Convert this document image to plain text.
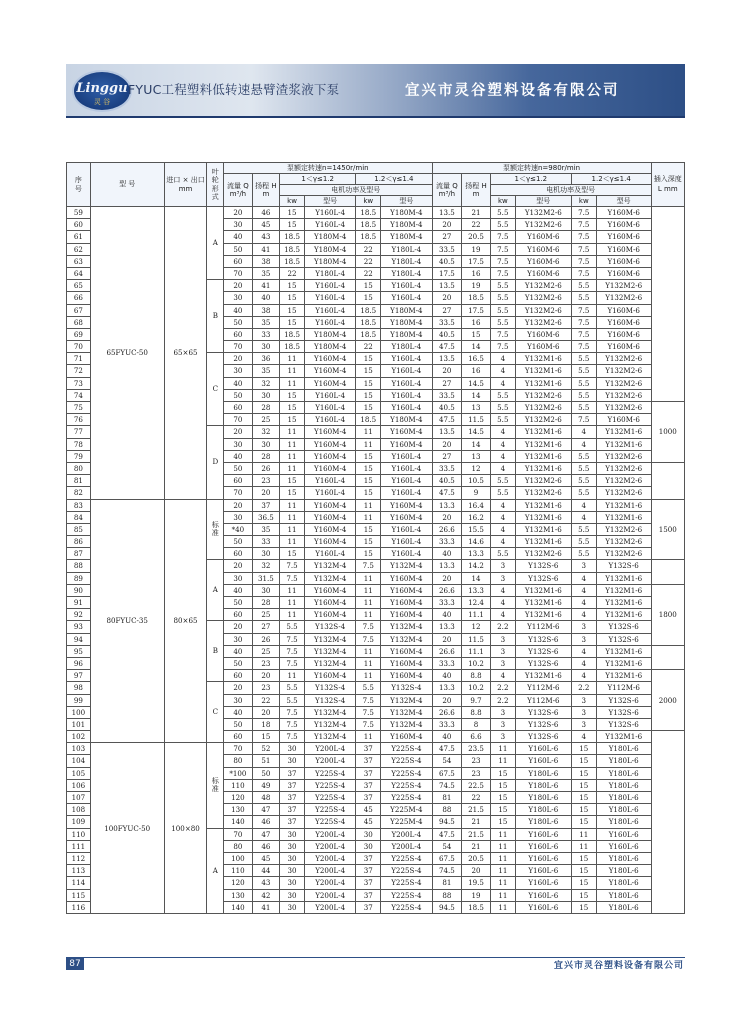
Linggu
灵 谷
FYUC工程塑料低转速悬臂渣浆液下泵	宜兴市灵谷塑料设备有限公司
序号	型 号	进口 × 出口 mm	叶轮形式	泵额定转速n=1450r/min						泵额定转速n=980r/min						插入深度 L mm
				流量 Q m³/h	扬程 H m	1＜γ≤1.2		1.2＜γ≤1.4		流量 Q m³/h	扬程 H m	1＜γ≤1.2		1.2＜γ≤1.4		
						电机功率及型号						电机功率及型号				
						kw	型号	kw	型号			kw	型号	kw	型号	
59	65FYUC-50	65×65	A	20	46	15	Y160L-4	18.5	Y180M-4	13.5	21	5.5	Y132M2-6	7.5	Y160M-6	
60				30	45	15	Y160L-4	18.5	Y180M-4	20	22	5.5	Y132M2-6	7.5	Y160M-6	
61				40	43	18.5	Y180M-4	18.5	Y180M-4	27	20.5	7.5	Y160M-6	7.5	Y160M-6	
62				50	41	18.5	Y180M-4	22	Y180L-4	33.5	19	7.5	Y160M-6	7.5	Y160M-6	
63				60	38	18.5	Y180M-4	22	Y180L-4	40.5	17.5	7.5	Y160M-6	7.5	Y160M-6	
64				70	35	22	Y180L-4	22	Y180L-4	17.5	16	7.5	Y160M-6	7.5	Y160M-6	
65			B	20	41	15	Y160L-4	15	Y160L-4	13.5	19	5.5	Y132M2-6	5.5	Y132M2-6	
66				30	40	15	Y160L-4	15	Y160L-4	20	18.5	5.5	Y132M2-6	5.5	Y132M2-6	
67				40	38	15	Y160L-4	18.5	Y180M-4	27	17.5	5.5	Y132M2-6	7.5	Y160M-6	
68				50	35	15	Y160L-4	18.5	Y180M-4	33.5	16	5.5	Y132M2-6	7.5	Y160M-6	
69				60	33	18.5	Y180M-4	18.5	Y180M-4	40.5	15	7.5	Y160M-6	7.5	Y160M-6	
70				70	30	18.5	Y180M-4	22	Y180L-4	47.5	14	7.5	Y160M-6	7.5	Y160M-6	
71			C	20	36	11	Y160M-4	15	Y160L-4	13.5	16.5	4	Y132M1-6	5.5	Y132M2-6	
72				30	35	11	Y160M-4	15	Y160L-4	20	16	4	Y132M1-6	5.5	Y132M2-6	
73				40	32	11	Y160M-4	15	Y160L-4	27	14.5	4	Y132M1-6	5.5	Y132M2-6	
74				50	30	15	Y160L-4	15	Y160L-4	33.5	14	5.5	Y132M2-6	5.5	Y132M2-6	
75				60	28	15	Y160L-4	15	Y160L-4	40.5	13	5.5	Y132M2-6	5.5	Y132M2-6	1000
76				70	25	15	Y160L-4	18.5	Y180M-4	47.5	11.5	5.5	Y132M2-6	7.5	Y160M-6	
77			D	20	32	11	Y160M-4	11	Y160M-4	13.5	14.5	4	Y132M1-6	4	Y132M1-6	
78				30	30	11	Y160M-4	11	Y160M-4	20	14	4	Y132M1-6	4	Y132M1-6	
79				40	28	11	Y160M-4	15	Y160L-4	27	13	4	Y132M1-6	5.5	Y132M2-6	
80				50	26	11	Y160M-4	15	Y160L-4	33.5	12	4	Y132M1-6	5.5	Y132M2-6	
81				60	23	15	Y160L-4	15	Y160L-4	40.5	10.5	5.5	Y132M2-6	5.5	Y132M2-6	
82				70	20	15	Y160L-4	15	Y160L-4	47.5	9	5.5	Y132M2-6	5.5	Y132M2-6	
83	80FYUC-35	80×65	标准	20	37	11	Y160M-4	11	Y160M-4	13.3	16.4	4	Y132M1-6	4	Y132M1-6	1500
84				30	36.5	11	Y160M-4	11	Y160M-4	20	16.2	4	Y132M1-6	4	Y132M1-6	
85				*40	35	11	Y160M-4	15	Y160L-4	26.6	15.5	4	Y132M1-6	5.5	Y132M2-6	
86				50	33	11	Y160M-4	15	Y160L-4	33.3	14.6	4	Y132M1-6	5.5	Y132M2-6	
87				60	30	15	Y160L-4	15	Y160L-4	40	13.3	5.5	Y132M2-6	5.5	Y132M2-6	
88			A	20	32	7.5	Y132M-4	7.5	Y132M-4	13.3	14.2	3	Y132S-6	3	Y132S-6	
89				30	31.5	7.5	Y132M-4	11	Y160M-4	20	14	3	Y132S-6	4	Y132M1-6	
90				40	30	11	Y160M-4	11	Y160M-4	26.6	13.3	4	Y132M1-6	4	Y132M1-6	1800
91				50	28	11	Y160M-4	11	Y160M-4	33.3	12.4	4	Y132M1-6	4	Y132M1-6	
92				60	25	11	Y160M-4	11	Y160M-4	40	11.1	4	Y132M1-6	4	Y132M1-6	
93			B	20	27	5.5	Y132S-4	7.5	Y132M-4	13.3	12	2.2	Y112M-6	3	Y132S-6	
94				30	26	7.5	Y132M-4	7.5	Y132M-4	20	11.5	3	Y132S-6	3	Y132S-6	
95				40	25	7.5	Y132M-4	11	Y160M-4	26.6	11.1	3	Y132S-6	4	Y132M1-6	
96				50	23	7.5	Y132M-4	11	Y160M-4	33.3	10.2	3	Y132S-6	4	Y132M1-6	
97				60	20	11	Y160M-4	11	Y160M-4	40	8.8	4	Y132M1-6	4	Y132M1-6	2000
98			C	20	23	5.5	Y132S-4	5.5	Y132S-4	13.3	10.2	2.2	Y112M-6	2.2	Y112M-6	
99				30	22	5.5	Y132S-4	7.5	Y132M-4	20	9.7	2.2	Y112M-6	3	Y132S-6	
100				40	20	7.5	Y132M-4	7.5	Y132M-4	26.6	8.8	3	Y132S-6	3	Y132S-6	
101				50	18	7.5	Y132M-4	7.5	Y132M-4	33.3	8	3	Y132S-6	3	Y132S-6	
102				60	15	7.5	Y132M-4	11	Y160M-4	40	6.6	3	Y132S-6	4	Y132M1-6	
103	100FYUC-50	100×80	标准	70	52	30	Y200L-4	37	Y225S-4	47.5	23.5	11	Y160L-6	15	Y180L-6	
104				80	51	30	Y200L-4	37	Y225S-4	54	23	11	Y160L-6	15	Y180L-6	
105				*100	50	37	Y225S-4	37	Y225S-4	67.5	23	15	Y180L-6	15	Y180L-6	
106				110	49	37	Y225S-4	37	Y225S-4	74.5	22.5	15	Y180L-6	15	Y180L-6	
107				120	48	37	Y225S-4	37	Y225S-4	81	22	15	Y180L-6	15	Y180L-6	
108				130	47	37	Y225S-4	45	Y225M-4	88	21.5	15	Y180L-6	15	Y180L-6	
109				140	46	37	Y225S-4	45	Y225M-4	94.5	21	15	Y180L-6	15	Y180L-6	
110			A	70	47	30	Y200L-4	30	Y200L-4	47.5	21.5	11	Y160L-6	11	Y160L-6	
111				80	46	30	Y200L-4	30	Y200L-4	54	21	11	Y160L-6	11	Y160L-6	
112				100	45	30	Y200L-4	37	Y225S-4	67.5	20.5	11	Y160L-6	15	Y180L-6	
113				110	44	30	Y200L-4	37	Y225S-4	74.5	20	11	Y160L-6	15	Y180L-6	
114				120	43	30	Y200L-4	37	Y225S-4	81	19.5	11	Y160L-6	15	Y180L-6	
115				130	42	30	Y200L-4	37	Y225S-4	88	19	11	Y160L-6	15	Y180L-6	
116				140	41	30	Y200L-4	37	Y225S-4	94.5	18.5	11	Y160L-6	15	Y180L-6	
87	宜兴市灵谷塑料设备有限公司
